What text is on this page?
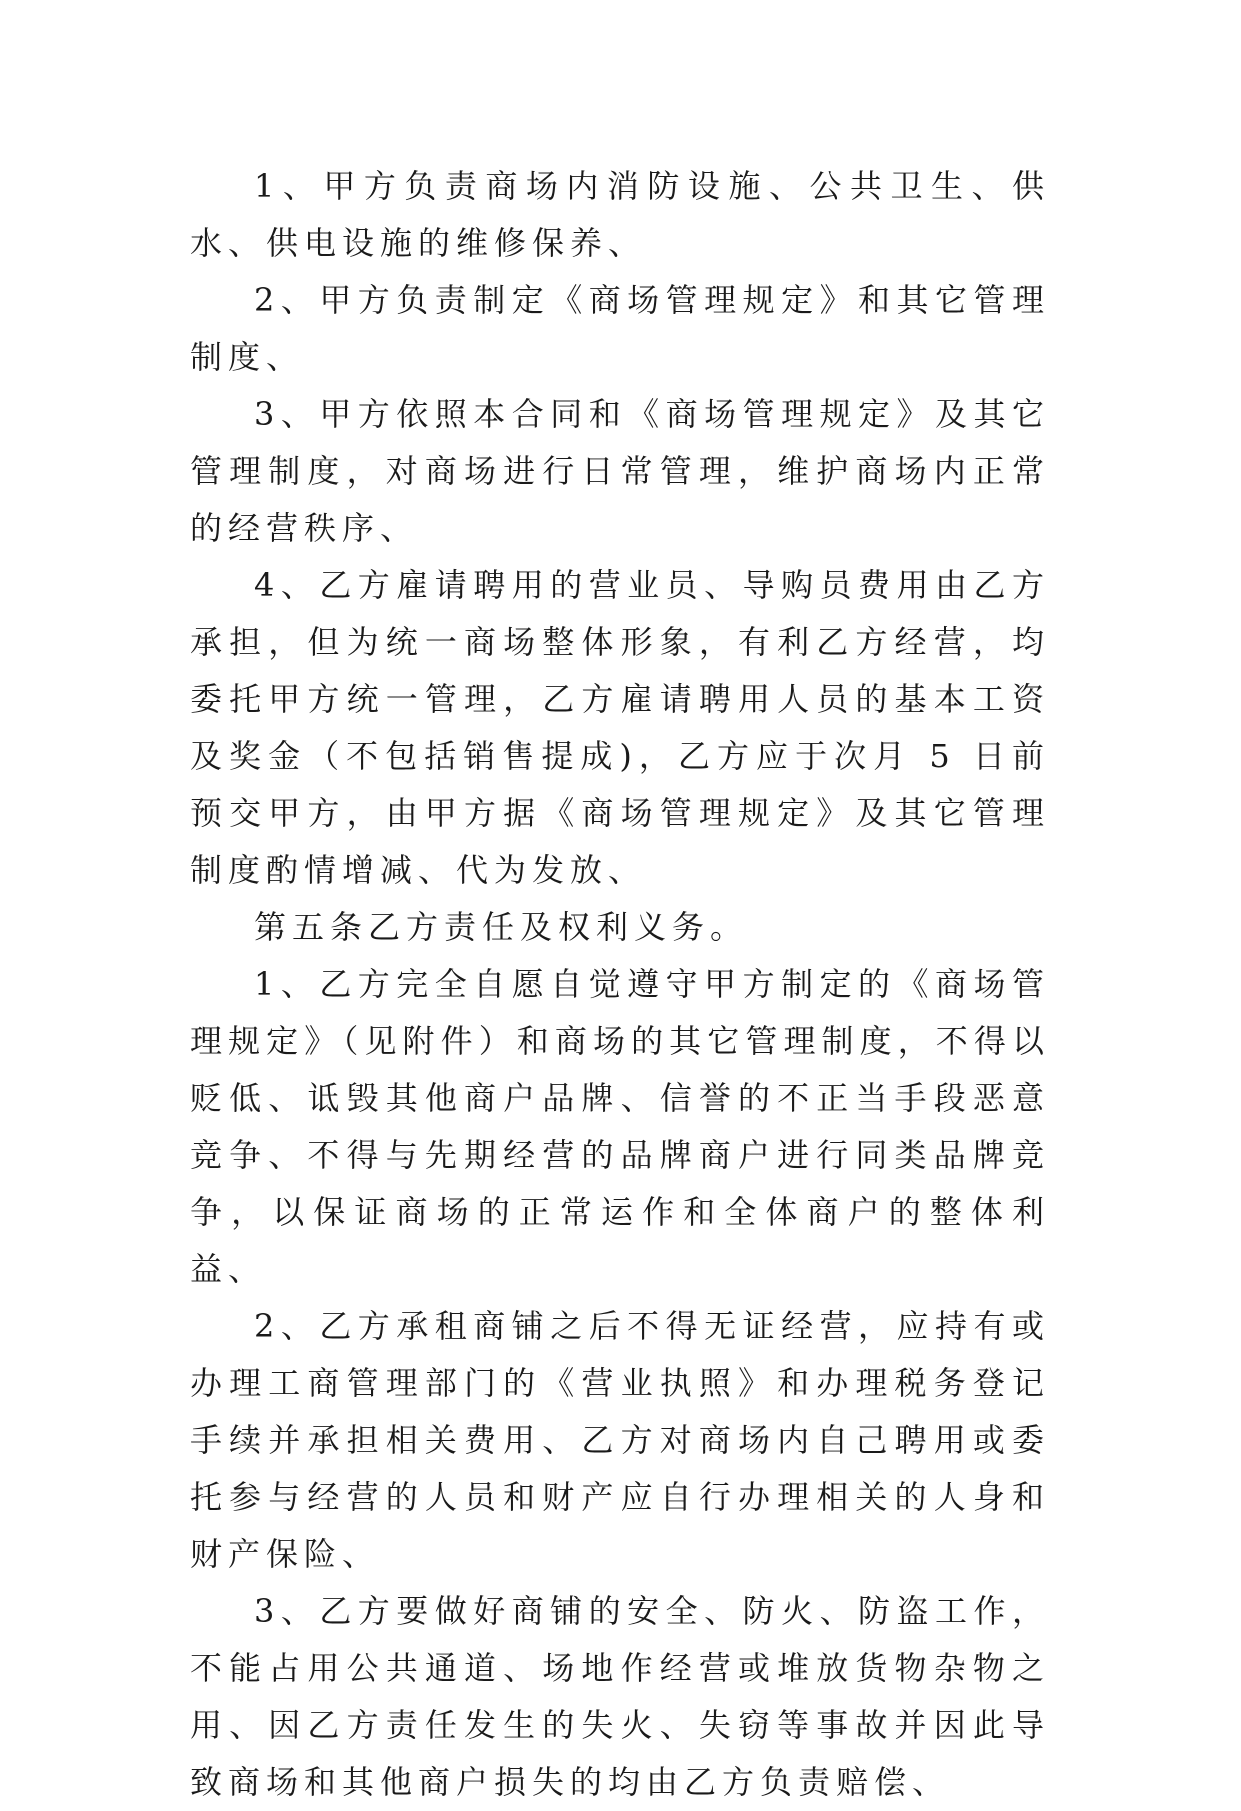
1、甲方负责商场内消防设施、公共卫生、供水、供电设施的维修保养、

2、甲方负责制定《商场管理规定》和其它管理制度、

3、甲方依照本合同和《商场管理规定》及其它管理制度，对商场进行日常管理，维护商场内正常的经营秩序、

4、乙方雇请聘用的营业员、导购员费用由乙方承担，但为统一商场整体形象，有利乙方经营，均委托甲方统一管理，乙方雇请聘用人员的基本工资及奖金（不包括销售提成)，乙方应于次月 5 日前预交甲方，由甲方据《商场管理规定》及其它管理制度酌情增减、代为发放、

第五条乙方责任及权利义务。

1、乙方完全自愿自觉遵守甲方制定的《商场管理规定》（见附件）和商场的其它管理制度，不得以贬低、诋毁其他商户品牌、信誉的不正当手段恶意竞争、不得与先期经营的品牌商户进行同类品牌竞争，以保证商场的正常运作和全体商户的整体利益、

2、乙方承租商铺之后不得无证经营，应持有或办理工商管理部门的《营业执照》和办理税务登记手续并承担相关费用、乙方对商场内自己聘用或委托参与经营的人员和财产应自行办理相关的人身和财产保险、

3、乙方要做好商铺的安全、防火、防盗工作，不能占用公共通道、场地作经营或堆放货物杂物之用、因乙方责任发生的失火、失窃等事故并因此导致商场和其他商户损失的均由乙方负责赔偿、
